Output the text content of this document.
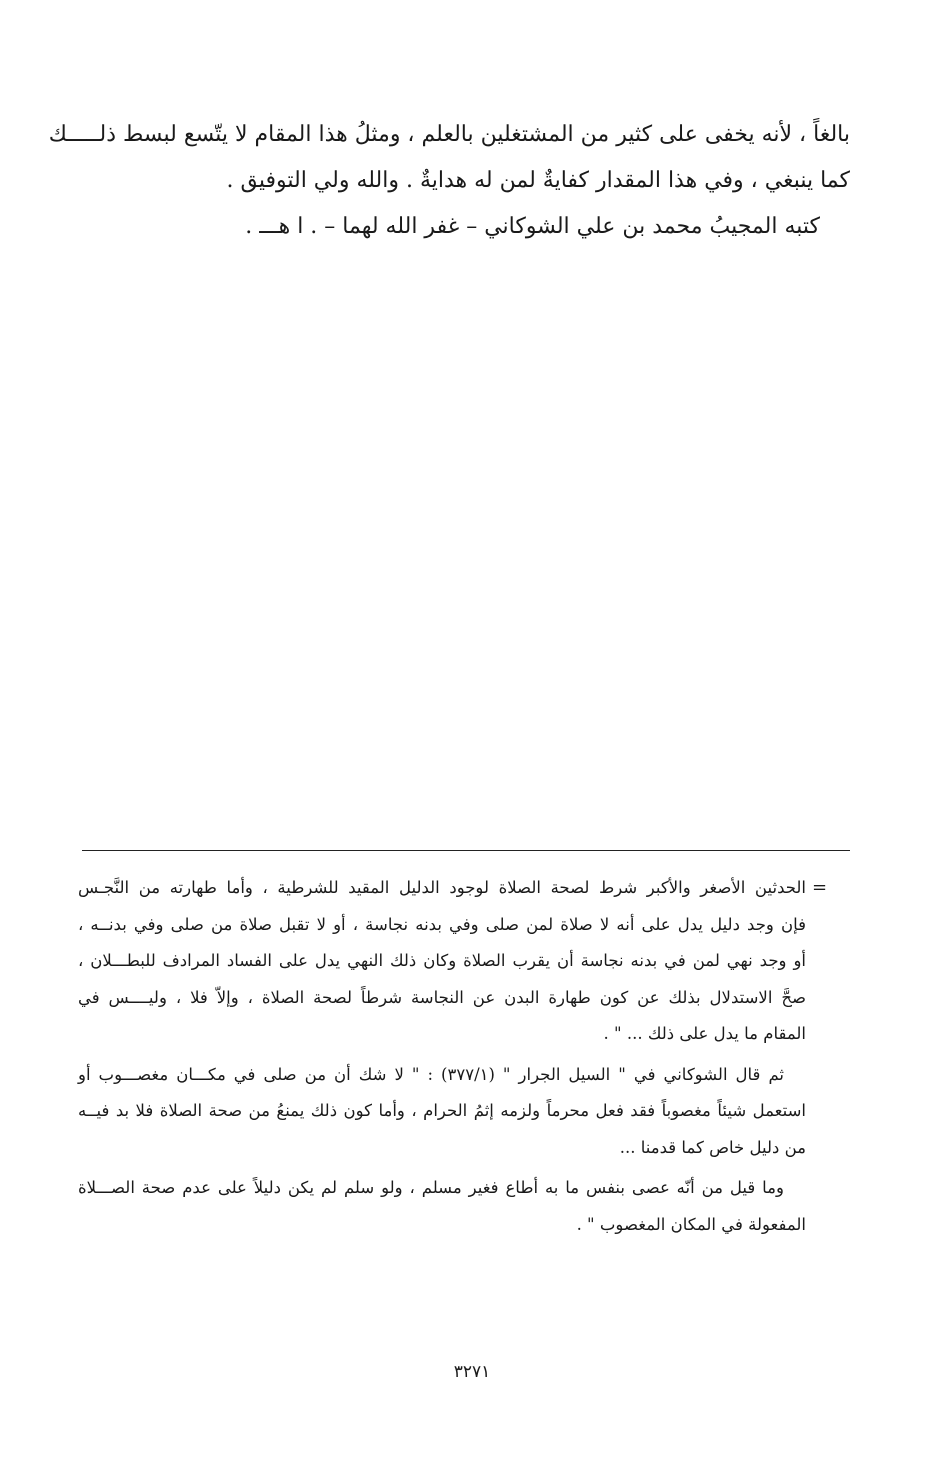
بالغاً ، لأنه يخفى على كثير من المشتغلين بالعلم ، ومثلُ هذا المقام لا يتّسع لبسط ذلـــــك
كما ينبغي ، وفي هذا المقدار كفايةٌ لمن له هدايةٌ . والله ولي التوفيق .
كتبه المجيبُ محمد بن علي الشوكاني – غفر الله لهما – . ا هـــ .
=
الحدثين الأصغر والأكبر شرط لصحة الصلاة لوجود الدليل المقيد للشرطية ، وأما طهارته من النَّجـس
فإن وجد دليل يدل على أنه لا صلاة لمن صلى وفي بدنه نجاسة ، أو لا تقبل صلاة من صلى وفي بدنــه ،
أو وجد نهي لمن في بدنه نجاسة أن يقرب الصلاة وكان ذلك النهي يدل على الفساد المرادف للبطـــلان ،
صحَّ الاستدلال بذلك عن كون طهارة البدن عن النجاسة شرطاً لصحة الصلاة ، وإلاّ فلا ، وليــــس في
المقام ما يدل على ذلك ... " .
ثم قال الشوكاني في " السيل الجرار " (٣٧٧/١) : " لا شك أن من صلى في مكـــان مغصـــوب أو
استعمل شيئاً مغصوباً فقد فعل محرماً ولزمه إثمُ الحرام ، وأما كون ذلك يمنعُ من صحة الصلاة فلا بد فيــه
من دليل خاص كما قدمنا ...
وما قيل من أنّه عصى بنفس ما به أطاع فغير مسلم ، ولو سلم لم يكن دليلاً على عدم صحة الصـــلاة
المفعولة في المكان المغصوب " .
٣٢٧١
